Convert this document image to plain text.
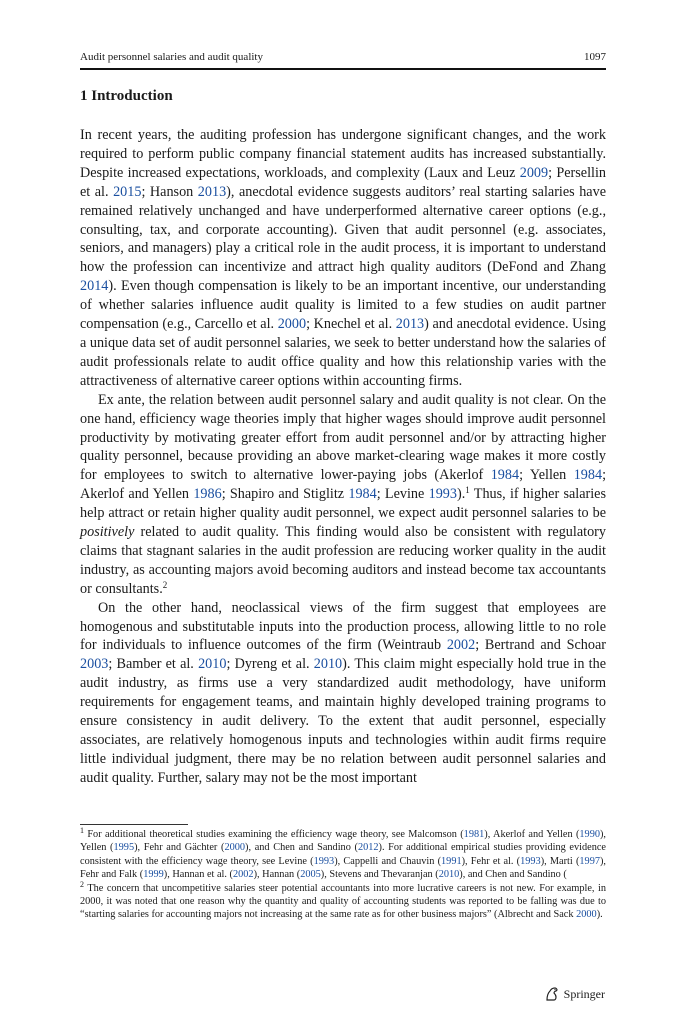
Audit personnel salaries and audit quality	1097
1 Introduction

In recent years, the auditing profession has undergone significant changes, and the work required to perform public company financial statement audits has increased substantially. Despite increased expectations, workloads, and complexity (Laux and Leuz 2009; Persellin et al. 2015; Hanson 2013), anecdotal evidence suggests auditors’ real starting salaries have remained relatively unchanged and have underperformed alternative career options (e.g., consulting, tax, and corporate accounting). Given that audit personnel (e.g. associates, seniors, and managers) play a critical role in the audit process, it is important to understand how the profession can incentivize and attract high quality auditors (DeFond and Zhang 2014). Even though compensation is likely to be an important incentive, our understanding of whether salaries influence audit quality is limited to a few studies on audit partner compensation (e.g., Carcello et al. 2000; Knechel et al. 2013) and anecdotal evidence. Using a unique data set of audit personnel salaries, we seek to better understand how the salaries of audit professionals relate to audit office quality and how this relationship varies with the attractiveness of alternative career options within accounting firms.

Ex ante, the relation between audit personnel salary and audit quality is not clear. On the one hand, efficiency wage theories imply that higher wages should improve audit personnel productivity by motivating greater effort from audit personnel and/or by attracting higher quality personnel, because providing an above market-clearing wage makes it more costly for employees to switch to alternative lower-paying jobs (Akerlof 1984; Yellen 1984; Akerlof and Yellen 1986; Shapiro and Stiglitz 1984; Levine 1993).$^1$ Thus, if higher salaries help attract or retain higher quality audit personnel, we expect audit personnel salaries to be positively related to audit quality. This finding would also be consistent with regulatory claims that stagnant salaries in the audit profession are reducing worker quality in the audit industry, as accounting majors avoid becoming auditors and instead become tax accountants or consultants.$^2$

On the other hand, neoclassical views of the firm suggest that employees are homogenous and substitutable inputs into the production process, allowing little to no role for individuals to influence outcomes of the firm (Weintraub 2002; Bertrand and Schoar 2003; Bamber et al. 2010; Dyreng et al. 2010). This claim might especially hold true in the audit industry, as firms use a very standardized audit methodology, have uniform requirements for engagement teams, and maintain highly developed training programs to ensure consistency in audit delivery. To the extent that audit personnel, especially associates, are relatively homogenous inputs and technologies within audit firms require little individual judgment, there may be no relation between audit personnel salaries and audit quality. Further, salary may not be the most important

$^1$ For additional theoretical studies examining the efficiency wage theory, see Malcomson (1981), Akerlof and Yellen (1990), Yellen (1995), Fehr and Gächter (2000), and Chen and Sandino (2012). For additional empirical studies providing evidence consistent with the efficiency wage theory, see Levine (1993), Cappelli and Chauvin (1991), Fehr et al. (1993), Marti (1997), Fehr and Falk (1999), Hannan et al. (2002), Hannan (2005), Stevens and Thevaranjan (2010), and Chen and Sandino (

$^2$ The concern that uncompetitive salaries steer potential accountants into more lucrative careers is not new. For example, in 2000, it was noted that one reason why the quantity and quality of accounting students was reported to be falling was due to “starting salaries for accounting majors not increasing at the same rate as for other business majors” (Albrecht and Sack 2000).

Springer
